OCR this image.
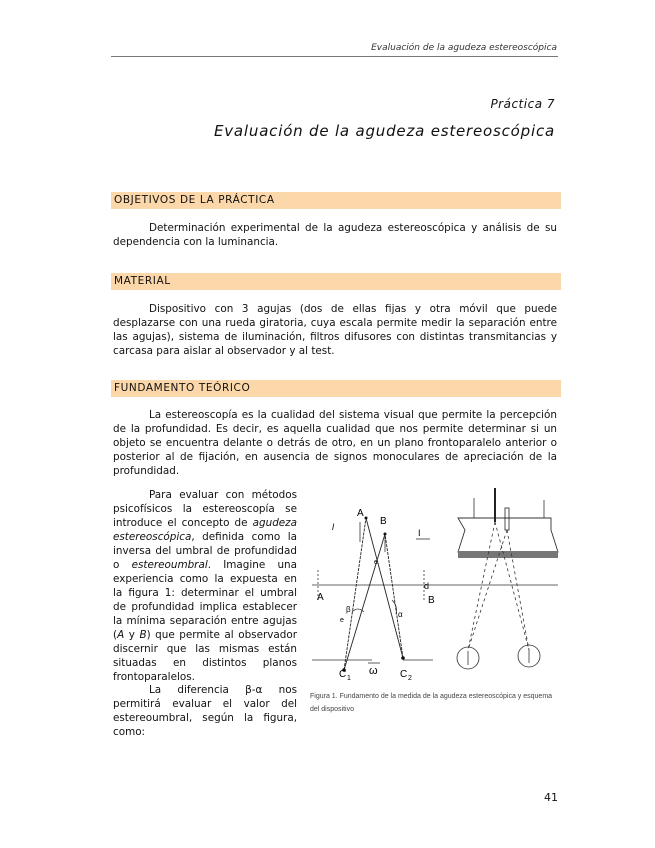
Evaluación de la agudeza estereoscópica
Práctica 7
Evaluación de la agudeza estereoscópica
OBJETIVOS DE LA PRÁCTICA
Determinación experimental de la agudeza estereoscópica y análisis de su dependencia con la luminancia.
MATERIAL
Dispositivo con 3 agujas (dos de ellas fijas y otra móvil que puede desplazarse con una rueda giratoria, cuya escala permite medir la separación entre las agujas), sistema de iluminación, filtros difusores con distintas transmitancias y carcasa para aislar al observador y al test.
FUNDAMENTO TEÓRICO
La estereoscopía es la cualidad del sistema visual que permite la percepción de la profundidad. Es decir, es aquella cualidad que nos permite determinar si un objeto se encuentra delante o detrás de otro, en un plano frontoparalelo anterior o posterior al de fijación, en ausencia de signos monoculares de apreciación de la profundidad.
Para evaluar con métodos psicofísicos la estereoscopía se introduce el concepto de agudeza estereoscópica, definida como la inversa del umbral de profundidad o estereoumbral. Imagine una experiencia como la expuesta en la figura 1: determinar el umbral de profundidad implica establecer la mínima separación entre agujas (A y B) que permite al observador discernir que las mismas están situadas en distintos planos frontoparalelos.
La diferencia β-α nos permitirá evaluar el valor del estereoumbral, según la figura, como:
A
B
A	B
d
β
α
e
e
l
I
C 1	C 2
ω
Figura 1. Fundamento de la medida de la agudeza estereoscópica y esquema del dispositivo
41
